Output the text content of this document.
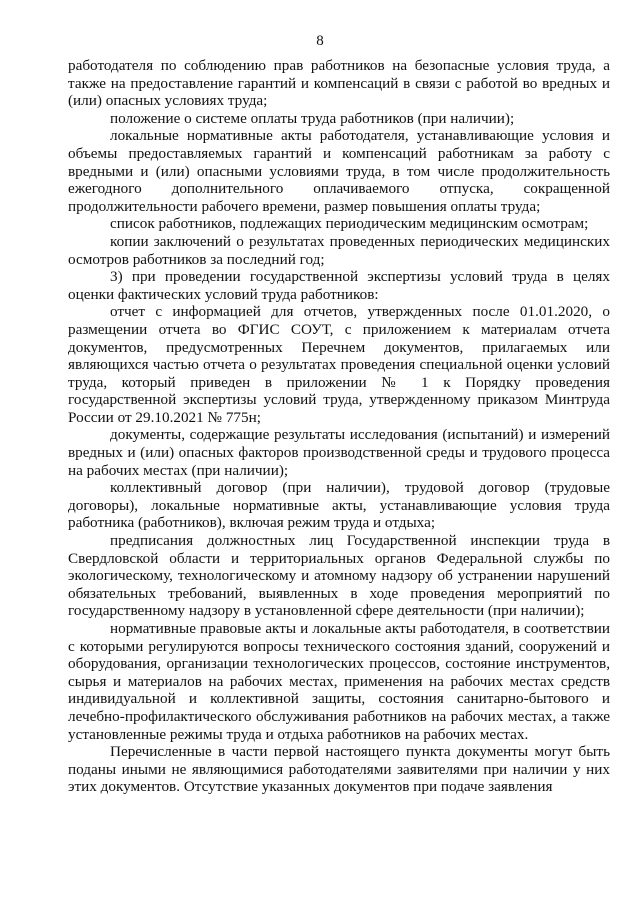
8

работодателя по соблюдению прав работников на безопасные условия труда, а также на предоставление гарантий и компенсаций в связи с работой во вредных и (или) опасных условиях труда;

положение о системе оплаты труда работников (при наличии);

локальные нормативные акты работодателя, устанавливающие условия и объемы предоставляемых гарантий и компенсаций работникам за работу с вредными и (или) опасными условиями труда, в том числе продолжительность ежегодного дополнительного оплачиваемого отпуска, сокращенной продолжительности рабочего времени, размер повышения оплаты труда;

список работников, подлежащих периодическим медицинским осмотрам;

копии заключений о результатах проведенных периодических медицинских осмотров работников за последний год;

3) при проведении государственной экспертизы условий труда в целях оценки фактических условий труда работников:

отчет с информацией для отчетов, утвержденных после 01.01.2020, о размещении отчета во ФГИС СОУТ, с приложением к материалам отчета документов, предусмотренных Перечнем документов, прилагаемых или являющихся частью отчета о результатах проведения специальной оценки условий труда, который приведен в приложении № 1 к Порядку проведения государственной экспертизы условий труда, утвержденному приказом Минтруда России от 29.10.2021 № 775н;

документы, содержащие результаты исследования (испытаний) и измерений вредных и (или) опасных факторов производственной среды и трудового процесса на рабочих местах (при наличии);

коллективный договор (при наличии), трудовой договор (трудовые договоры), локальные нормативные акты, устанавливающие условия труда работника (работников), включая режим труда и отдыха;

предписания должностных лиц Государственной инспекции труда в Свердловской области и территориальных органов Федеральной службы по экологическому, технологическому и атомному надзору об устранении нарушений обязательных требований, выявленных в ходе проведения мероприятий по государственному надзору в установленной сфере деятельности (при наличии);

нормативные правовые акты и локальные акты работодателя, в соответствии с которыми регулируются вопросы технического состояния зданий, сооружений и оборудования, организации технологических процессов, состояние инструментов, сырья и материалов на рабочих местах, применения на рабочих местах средств индивидуальной и коллективной защиты, состояния санитарно-бытового и лечебно-профилактического обслуживания работников на рабочих местах, а также установленные режимы труда и отдыха работников на рабочих местах.

Перечисленные в части первой настоящего пункта документы могут быть поданы иными не являющимися работодателями заявителями при наличии у них этих документов. Отсутствие указанных документов при подаче заявления
